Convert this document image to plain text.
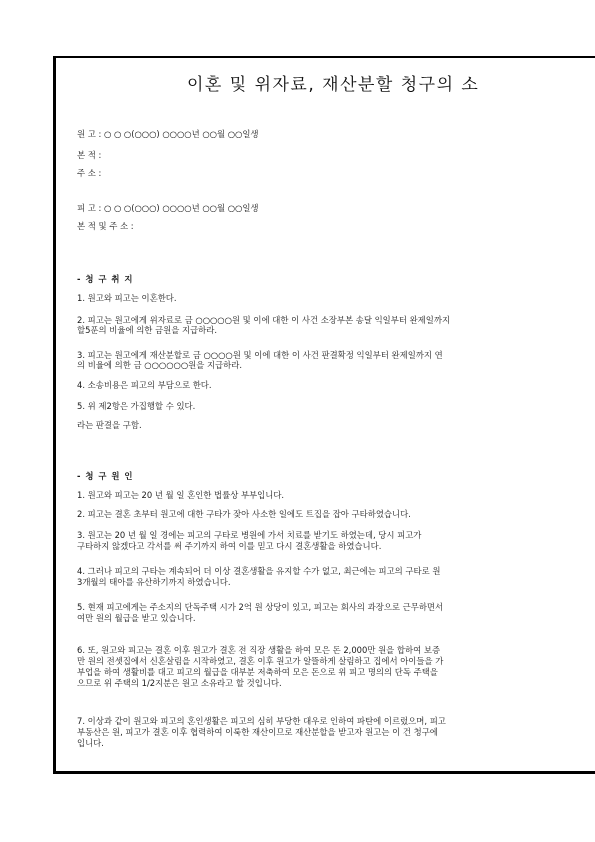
이혼 및 위자료, 재산분할 청구의 소
원 고 : ○ ○ ○(○○○) ○○○○년 ○○월 ○○일생
본 적 :
주 소 :
피 고 : ○ ○ ○(○○○) ○○○○년 ○○월 ○○일생
본 적 및 주 소 :
- 청 구 취 지
1. 원고와 피고는 이혼한다.
2. 피고는 원고에게 위자료로 금 ○○○○○원 및 이에 대한 이 사건 소장부본 송달 익일부터 완제일까지
할5푼의 비율에 의한 금원을 지급하라.
3. 피고는 원고에게 재산분할로 금 ○○○○원 및 이에 대한 이 사건 판결확정 익일부터 완제일까지 연
의 비율에 의한 금 ○○○○○○원을 지급하라.
4. 소송비용은 피고의 부담으로 한다.
5. 위 제2항은 가집행할 수 있다.
라는 판결을 구함.
- 청 구 원 인
1. 원고와 피고는 20 년 월 일 혼인한 법률상 부부입니다.
2. 피고는 결혼 초부터 원고에 대한 구타가 잦아 사소한 일에도 트집을 잡아 구타하였습니다.
3. 원고는 20 년 월 일 경에는 피고의 구타로 병원에 가서 치료를 받기도 하였는데, 당시 피고가
구타하지 않겠다고 각서를 써 주기까지 하여 이를 믿고 다시 결혼생활을 하였습니다.
4. 그러나 피고의 구타는 계속되어 더 이상 결혼생활을 유지할 수가 없고, 최근에는 피고의 구타로 원
3개월의 태아를 유산하기까지 하였습니다.
5. 현재 피고에게는 주소지의 단독주택 시가 2억 원 상당이 있고, 피고는 회사의 과장으로 근무하면서
여만 원의 월급을 받고 있습니다.
6. 또, 원고와 피고는 결혼 이후 원고가 결혼 전 직장 생활을 하여 모은 돈 2,000만 원을 합하여 보증
만 원의 전셋집에서 신혼살림을 시작하였고, 결혼 이후 원고가 알뜰하게 살림하고 집에서 아이들을 가
부업을 하여 생활비를 대고 피고의 월급을 대부분 저축하여 모은 돈으로 위 피고 명의의 단독 주택을
으므로 위 주택의 1/2지분은 원고 소유라고 할 것입니다.
7. 이상과 같이 원고와 피고의 혼인생활은 피고의 심히 부당한 대우로 인하여 파탄에 이르렀으며, 피고
부동산은 원, 피고가 결혼 이후 협력하여 이룩한 재산이므로 재산분할을 받고자 원고는 이 건 청구에
입니다.
